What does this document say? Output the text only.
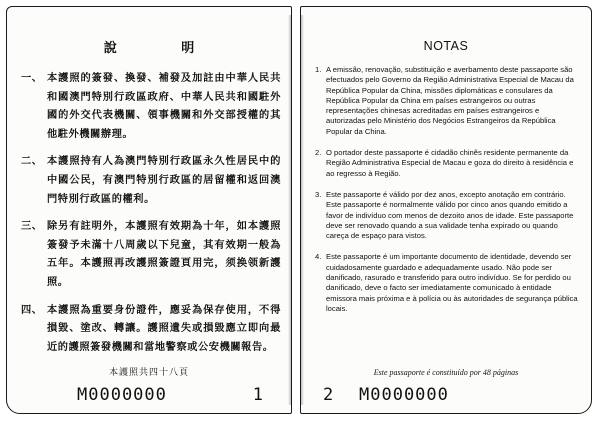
說 明
一、 本護照的簽發、換發、補發及加註由中華人民共和國澳門特別行政區政府、中華人民共和國駐外國的外交代表機關、領事機關和外交部授權的其他駐外機關辦理。
二、 本護照持有人為澳門特別行政區永久性居民中的中國公民，有澳門特別行政區的居留權和返回澳門特別行政區的權利。
三、 除另有註明外，本護照有效期為十年，如本護照簽發予未滿十八周歲以下兒童，其有效期一般為五年。本護照再改護照簽證頁用完，须换领新護照。
四、 本護照為重要身份證件，應妥為保存使用，不得損毀、塗改、轉讓。護照遺失或損毀應立即向最近的護照簽發機關和當地警察或公安機關報告。
本護照共四十八頁
M0000000	1
NOTAS
1. A emissão, renovação, substituição e averbamento deste passaporte são efectuados pelo Governo da Região Administrativa Especial de Macau da República Popular da China, missões diplomáticas e consulares da República Popular da China em países estrangeiros ou outras representações chinesas acreditadas em países estrangeiros e autorizadas pelo Ministério dos Negócios Estrangeiros da República Popular da China.
2. O portador deste passaporte é cidadão chinês residente permanente da Região Administrativa Especial de Macau e goza do direito à residência e ao regresso à Região.
3. Este passaporte é válido por dez anos, excepto anotação em contrário. Este passaporte é normalmente válido por cinco anos quando emitido a favor de indivíduo com menos de dezoito anos de idade. Este passaporte deve ser renovado quando a sua validade tenha expirado ou quando careça de espaço para vistos.
4. Este passaporte é um importante documento de identidade, devendo ser cuidadosamente guardado e adequadamente usado. Não pode ser danificado, rasurado e transferido para outro indivíduo. Se for perdido ou danificado, deve o facto ser imediatamente comunicado à entidade emissora mais próxima e à polícia ou às autoridades de segurança pública locais.
Este passaporte é constituído por 48 páginas
2 M0000000
